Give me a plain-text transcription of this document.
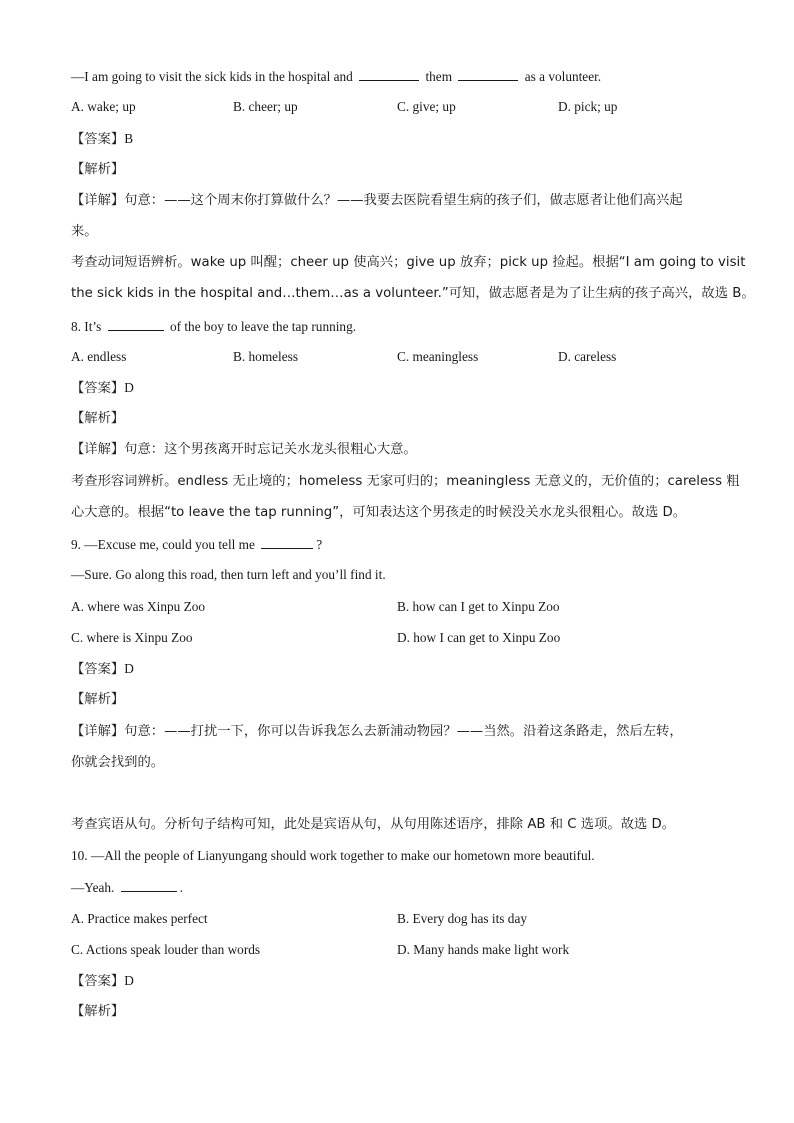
—I am going to visit the sick kids in the hospital and	them	as a volunteer.
A. wake; up	B. cheer; up	C. give; up	D. pick; up
【答案】B
【解析】
【详解】句意：——这个周末你打算做什么？——我要去医院看望生病的孩子们，做志愿者让他们高兴起
来。
考查动词短语辨析。wake up 叫醒；cheer up 使高兴；give up 放弃；pick up 捡起。根据“I am going to visit
the sick kids in the hospital and…them…as a volunteer.”可知，做志愿者是为了让生病的孩子高兴，故选 B。
8. It’s	of the boy to leave the tap running.
A. endless	B. homeless	C. meaningless	D. careless
【答案】D
【解析】
【详解】句意：这个男孩离开时忘记关水龙头很粗心大意。
考查形容词辨析。endless 无止境的；homeless 无家可归的；meaningless 无意义的，无价值的；careless 粗
心大意的。根据“to leave the tap running”，可知表达这个男孩走的时候没关水龙头很粗心。故选 D。
9. —Excuse me, could you tell me	?
—Sure. Go along this road, then turn left and you’ll find it.
A. where was Xinpu Zoo	B. how can I get to Xinpu Zoo
C. where is Xinpu Zoo	D. how I can get to Xinpu Zoo
【答案】D
【解析】
【详解】句意：——打扰一下，你可以告诉我怎么去新浦动物园？——当然。沿着这条路走，然后左转，
你就会找到的。
考查宾语从句。分析句子结构可知，此处是宾语从句，从句用陈述语序，排除 AB 和 C 选项。故选 D。
10. —All the people of Lianyungang should work together to make our hometown more beautiful.
—Yeah.	.
A. Practice makes perfect	B. Every dog has its day
C. Actions speak louder than words	D. Many hands make light work
【答案】D
【解析】
